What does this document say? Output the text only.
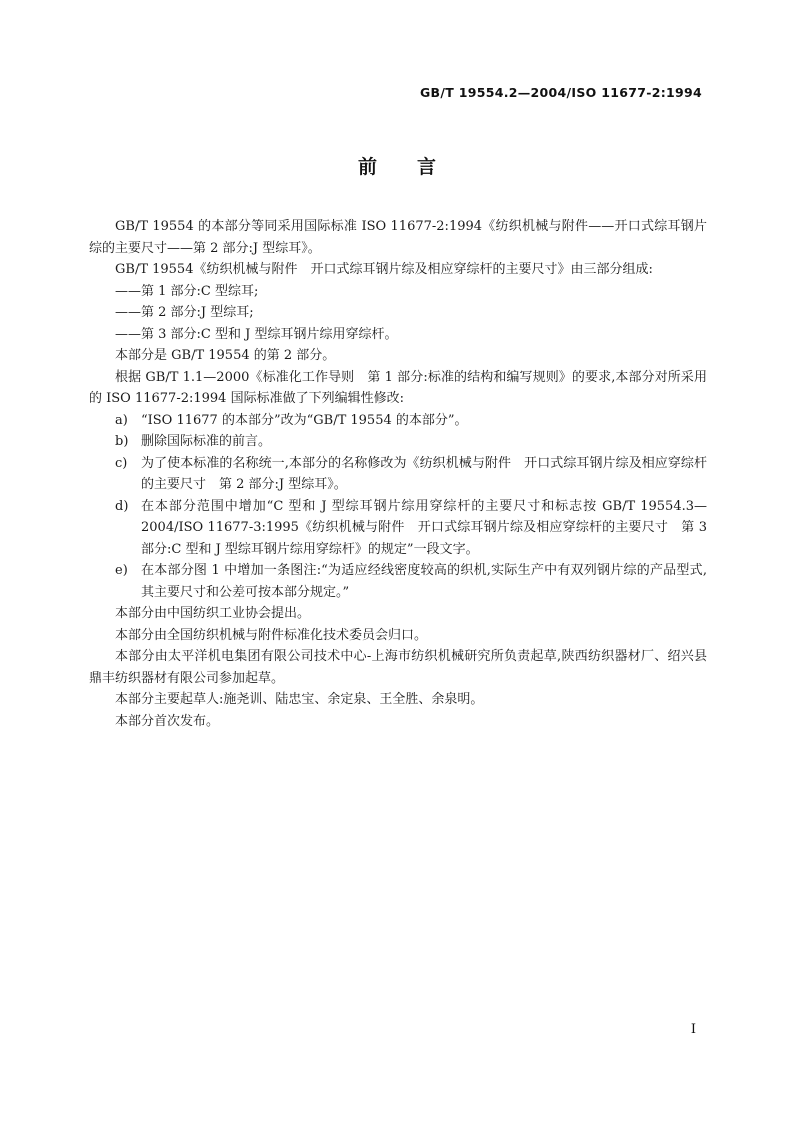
GB/T 19554.2—2004/ISO 11677-2:1994
前言

GB/T 19554 的本部分等同采用国际标准 ISO 11677-2:1994《纺织机械与附件——开口式综耳钢片综的主要尺寸——第 2 部分:J 型综耳》。

GB/T 19554《纺织机械与附件　开口式综耳钢片综及相应穿综杆的主要尺寸》由三部分组成:

——第 1 部分:C 型综耳;

——第 2 部分:J 型综耳;

——第 3 部分:C 型和 J 型综耳钢片综用穿综杆。

本部分是 GB/T 19554 的第 2 部分。

根据 GB/T 1.1—2000《标准化工作导则　第 1 部分:标准的结构和编写规则》的要求,本部分对所采用的 ISO 11677-2:1994 国际标准做了下列编辑性修改:

a)	“ISO 11677 的本部分”改为“GB/T 19554 的本部分”。
b) 删除国际标准的前言。
c)	为了使本标准的名称统一,本部分的名称修改为《纺织机械与附件　开口式综耳钢片综及相应穿综杆的主要尺寸　第 2 部分:J 型综耳》。
d) 在本部分范围中增加“C 型和 J 型综耳钢片综用穿综杆的主要尺寸和标志按 GB/T 19554.3—2004/ISO 11677-3:1995《纺织机械与附件　开口式综耳钢片综及相应穿综杆的主要尺寸　第 3 部分:C 型和 J 型综耳钢片综用穿综杆》的规定”一段文字。
e)	在本部分图 1 中增加一条图注:“为适应经线密度较高的织机,实际生产中有双列钢片综的产品型式,其主要尺寸和公差可按本部分规定。”

本部分由中国纺织工业协会提出。

本部分由全国纺织机械与附件标准化技术委员会归口。

本部分由太平洋机电集团有限公司技术中心-上海市纺织机械研究所负责起草,陕西纺织器材厂、绍兴县鼎丰纺织器材有限公司参加起草。

本部分主要起草人:施尧训、陆忠宝、余定泉、王全胜、余泉明。

本部分首次发布。

I
